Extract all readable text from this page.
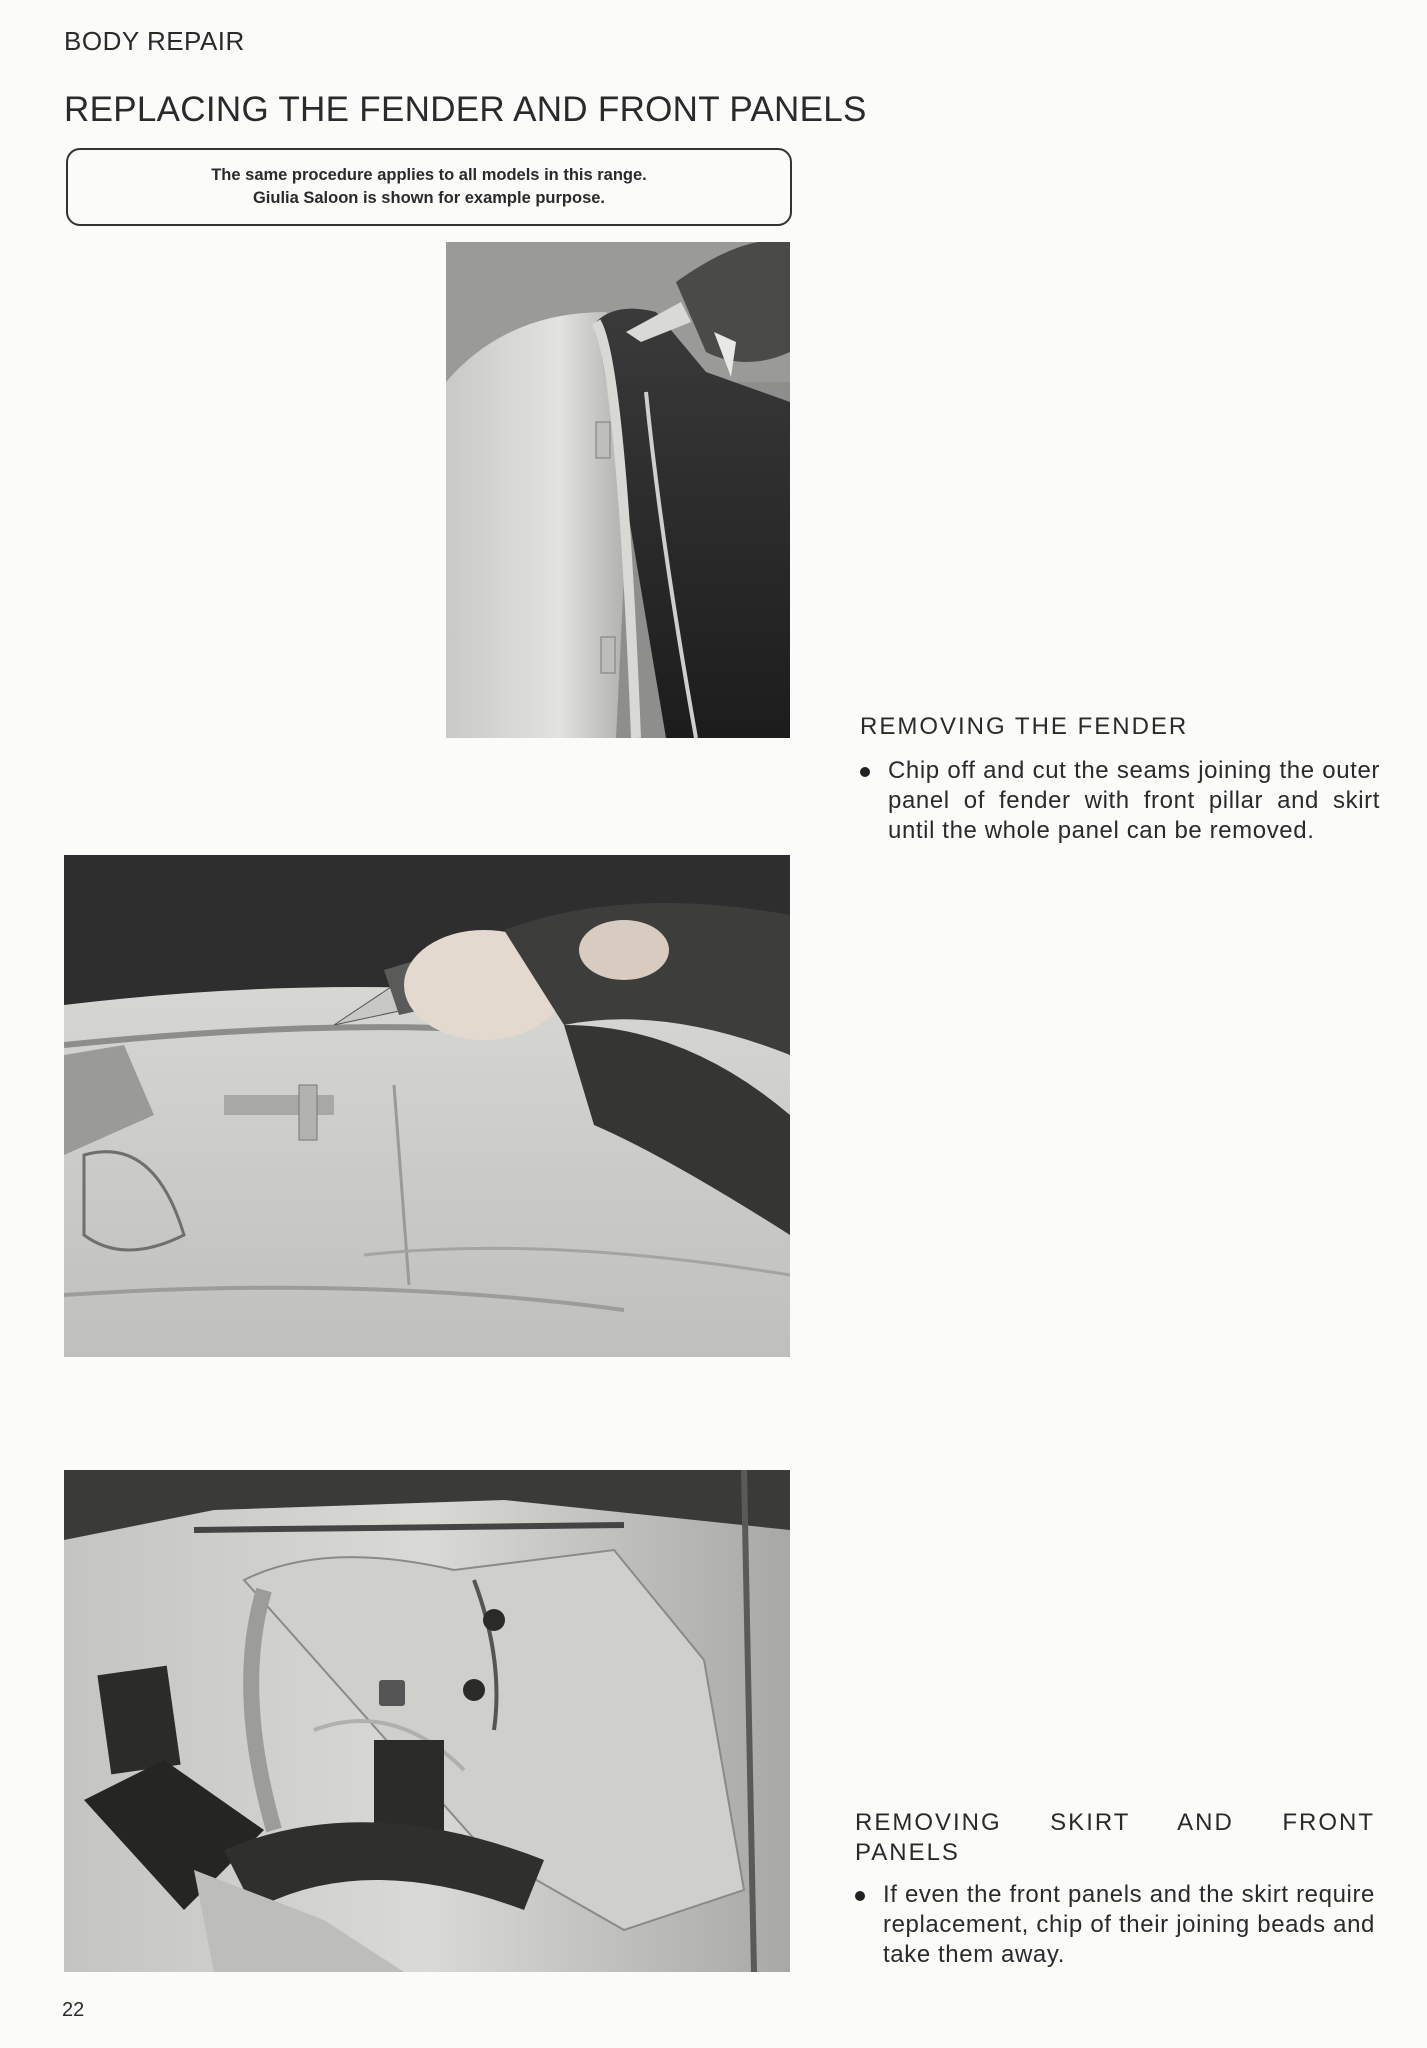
BODY REPAIR
REPLACING THE FENDER AND FRONT PANELS
The same procedure applies to all models in this range.
Giulia Saloon is shown for example purpose.
REMOVING THE FENDER
Chip off and cut the seams joining the outer panel of fender with front pillar and skirt until the whole panel can be removed.
REMOVING SKIRT AND FRONT PANELS
If even the front panels and the skirt require replacement, chip of their joining beads and take them away.
22
